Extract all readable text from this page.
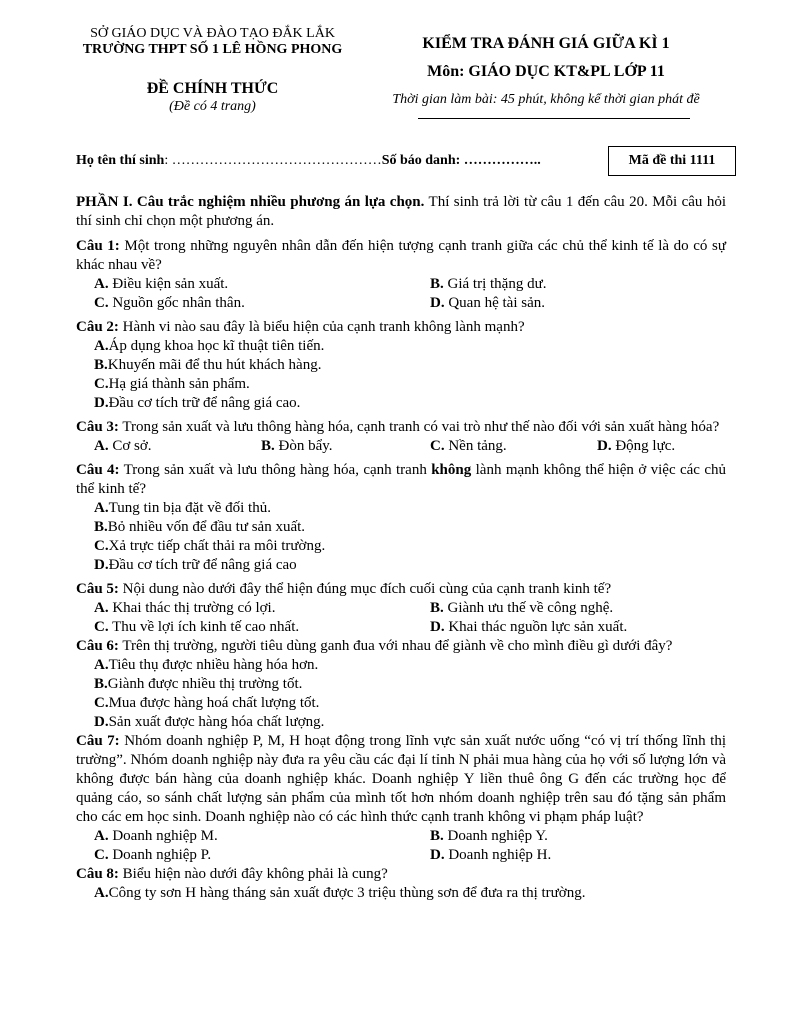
SỞ GIÁO DỤC VÀ ĐÀO TẠO ĐẮK LẮK
TRƯỜNG THPT SỐ 1 LÊ HỒNG PHONG
ĐỀ CHÍNH THỨC
(Đề có 4 trang)
KIỂM TRA ĐÁNH GIÁ GIỮA KÌ 1
Môn: GIÁO DỤC KT&PL LỚP 11
Thời gian làm bài: 45 phút, không kể thời gian phát đề
Họ tên thí sinh: ………………………………………Số báo danh: ……………..	Mã đề thi 1111

PHẦN I. Câu trắc nghiệm nhiều phương án lựa chọn. Thí sinh trả lời từ câu 1 đến câu 20. Mỗi câu hỏi thí sinh chỉ chọn một phương án.

Câu 1: Một trong những nguyên nhân dẫn đến hiện tượng cạnh tranh giữa các chủ thể kinh tế là do có sự khác nhau về?

A. Điều kiện sản xuất.	B. Giá trị thặng dư.
C. Nguồn gốc nhân thân.	D. Quan hệ tài sản.

Câu 2: Hành vi nào sau đây là biểu hiện của cạnh tranh không lành mạnh?

A. Áp dụng khoa học kĩ thuật tiên tiến.
B. Khuyến mãi để thu hút khách hàng.
C. Hạ giá thành sản phẩm.
D. Đầu cơ tích trữ để nâng giá cao.

Câu 3: Trong sản xuất và lưu thông hàng hóa, cạnh tranh có vai trò như thế nào đối với sản xuất hàng hóa?

A. Cơ sở.	B. Đòn bẩy.	C. Nền tảng.	D. Động lực.

Câu 4: Trong sản xuất và lưu thông hàng hóa, cạnh tranh không lành mạnh không thể hiện ở việc các chủ thể kinh tế?

A. Tung tin bịa đặt về đối thủ.
B. Bỏ nhiều vốn để đầu tư sản xuất.
C. Xả trực tiếp chất thải ra môi trường.
D. Đầu cơ tích trữ để nâng giá cao

Câu 5: Nội dung nào dưới đây thể hiện đúng mục đích cuối cùng của cạnh tranh kinh tế?

A. Khai thác thị trường có lợi.	B. Giành ưu thế về công nghệ.
C. Thu về lợi ích kinh tế cao nhất.	D. Khai thác nguồn lực sản xuất.

Câu 6: Trên thị trường, người tiêu dùng ganh đua với nhau để giành về cho mình điều gì dưới đây?

A. Tiêu thụ được nhiều hàng hóa hơn.
B. Giành được nhiều thị trường tốt.
C. Mua được hàng hoá chất lượng tốt.
D. Sản xuất được hàng hóa chất lượng.

Câu 7: Nhóm doanh nghiệp P, M, H hoạt động trong lĩnh vực sản xuất nước uống “có vị trí thống lĩnh thị trường”. Nhóm doanh nghiệp này đưa ra yêu cầu các đại lí tỉnh N phải mua hàng của họ với số lượng lớn và không được bán hàng của doanh nghiệp khác. Doanh nghiệp Y liền thuê ông G đến các trường học để quảng cáo, so sánh chất lượng sản phẩm của mình tốt hơn nhóm doanh nghiệp trên sau đó tặng sản phẩm cho các em học sinh. Doanh nghiệp nào có các hình thức cạnh tranh không vi phạm pháp luật?

A. Doanh nghiệp M.	B. Doanh nghiệp Y.
C. Doanh nghiệp P.	D. Doanh nghiệp H.

Câu 8: Biểu hiện nào dưới đây không phải là cung?

A. Công ty sơn H hàng tháng sản xuất được 3 triệu thùng sơn để đưa ra thị trường.
